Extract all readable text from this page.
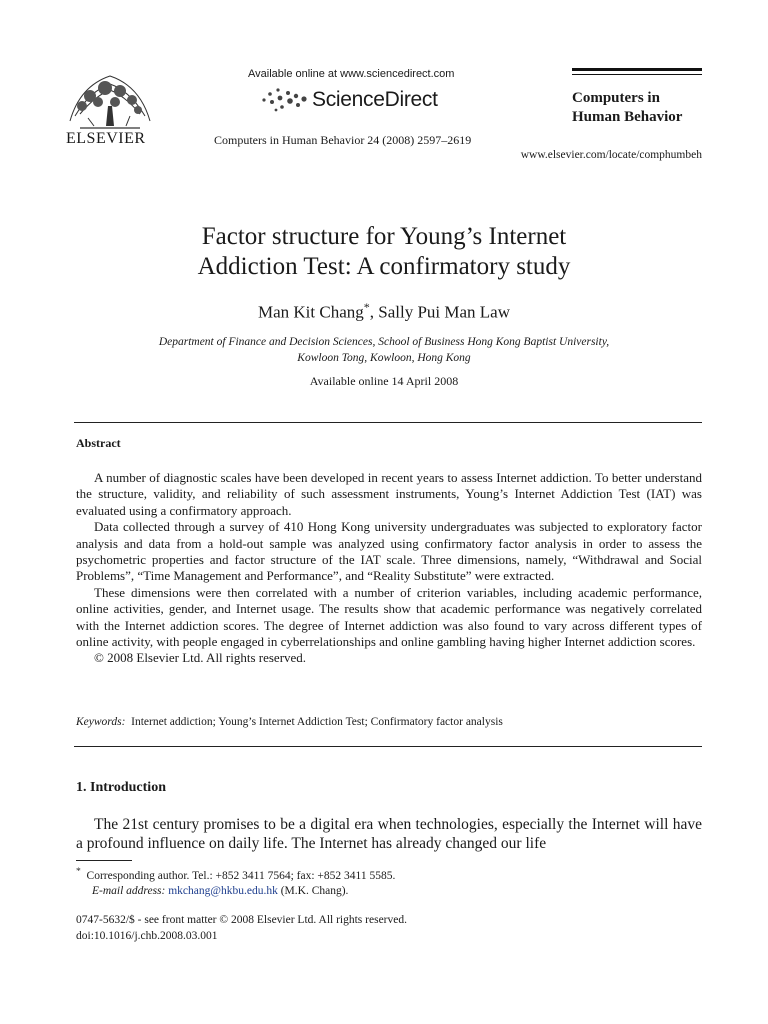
ELSEVIER
Available online at www.sciencedirect.com
ScienceDirect
Computers in Human Behavior 24 (2008) 2597–2619
Computers in
Human Behavior
www.elsevier.com/locate/comphumbeh
Factor structure for Young’s Internet
Addiction Test: A confirmatory study
Man Kit Chang*, Sally Pui Man Law
Department of Finance and Decision Sciences, School of Business Hong Kong Baptist University,
Kowloon Tong, Kowloon, Hong Kong
Available online 14 April 2008
Abstract

A number of diagnostic scales have been developed in recent years to assess Internet addiction. To better understand the structure, validity, and reliability of such assessment instruments, Young’s Internet Addiction Test (IAT) was evaluated using a confirmatory approach.

Data collected through a survey of 410 Hong Kong university undergraduates was subjected to exploratory factor analysis and data from a hold-out sample was analyzed using confirmatory factor analysis in order to assess the psychometric properties and factor structure of the IAT scale. Three dimensions, namely, “Withdrawal and Social Problems”, “Time Management and Performance”, and “Reality Substitute” were extracted.

These dimensions were then correlated with a number of criterion variables, including academic performance, online activities, gender, and Internet usage. The results show that academic performance was negatively correlated with the Internet addiction scores. The degree of Internet addiction was also found to vary across different types of online activity, with people engaged in cyberrelationships and online gambling having higher Internet addiction scores.

© 2008 Elsevier Ltd. All rights reserved.

Keywords: Internet addiction; Young’s Internet Addiction Test; Confirmatory factor analysis
1. Introduction

The 21st century promises to be a digital era when technologies, especially the Internet will have a profound influence on daily life. The Internet has already changed our life

* Corresponding author. Tel.: +852 3411 7564; fax: +852 3411 5585.
E-mail address: mkchang@hkbu.edu.hk (M.K. Chang).
0747-5632/$ - see front matter © 2008 Elsevier Ltd. All rights reserved.
doi:10.1016/j.chb.2008.03.001
